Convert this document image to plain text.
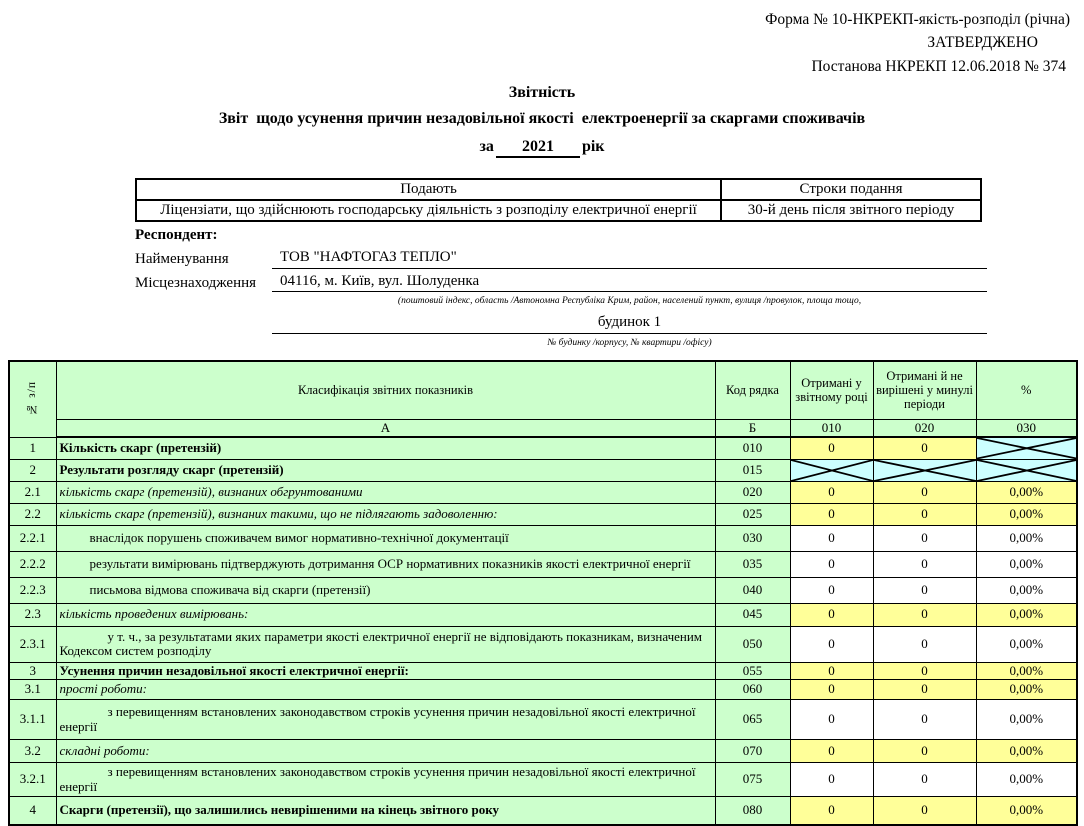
Форма № 10-НКРЕКП-якість-розподіл (річна)
ЗАТВЕРДЖЕНО
Постанова НКРЕКП 12.06.2018 № 374
Звітність
Звіт  щодо усунення причин незадовільної якості  електроенергії за скаргами споживачів
за 2021 рік
Подають	Строки подання
Ліцензіати, що здійснюють господарську діяльність з розподілу електричної енергії	30-й день після звітного періоду
Респондент:
Найменування	ТОВ "НАФТОГАЗ ТЕПЛО"
Місцезнаходження	04116, м. Київ, вул. Шолуденка
(поштовий індекс, область /Автономна Республіка Крим, район, населений пункт, вулиця /провулок, площа тощо,
будинок 1
№ будинку /корпусу, № квартири /офісу)
№ з/п	Класифікація звітних показників	Код рядка	Отримані у звітному році	Отримані й не вирішені у минулі періоди	%
	А	Б	010	020	030
1	Кількість скарг (претензій)	010	0	0	

2	Результати розгляду скарг (претензій)	015	

2.1	кількість скарг (претензій), визнаних обгрунтованими	020	0	0	0,00%
2.2	кількість скарг (претензій), визнаних такими, що не підлягають задоволенню:	025	0	0	0,00%
2.2.1	внаслідок порушень споживачем вимог нормативно-технічної документації	030	0	0	0,00%
2.2.2	результати вимірювань підтверджують дотримання ОСР нормативних показників якості електричної енергії	035	0	0	0,00%
2.2.3	письмова відмова споживача від скарги (претензії)	040	0	0	0,00%
2.3	кількість проведених вимірювань:	045	0	0	0,00%
2.3.1	у т. ч., за результатами яких параметри якості електричної енергії не відповідають показникам, визначеним Кодексом систем розподілу	050	0	0	0,00%
3	Усунення причин незадовільної якості електричної енергії:	055	0	0	0,00%
3.1	прості роботи:	060	0	0	0,00%
3.1.1	з перевищенням встановлених законодавством строків усунення причин незадовільної якості електричної енергії	065	0	0	0,00%
3.2	складні роботи:	070	0	0	0,00%
3.2.1	з перевищенням встановлених законодавством строків усунення причин незадовільної якості електричної енергії	075	0	0	0,00%
4	Скарги (претензії), що залишились невирішеними на кінець звітного року	080	0	0	0,00%
